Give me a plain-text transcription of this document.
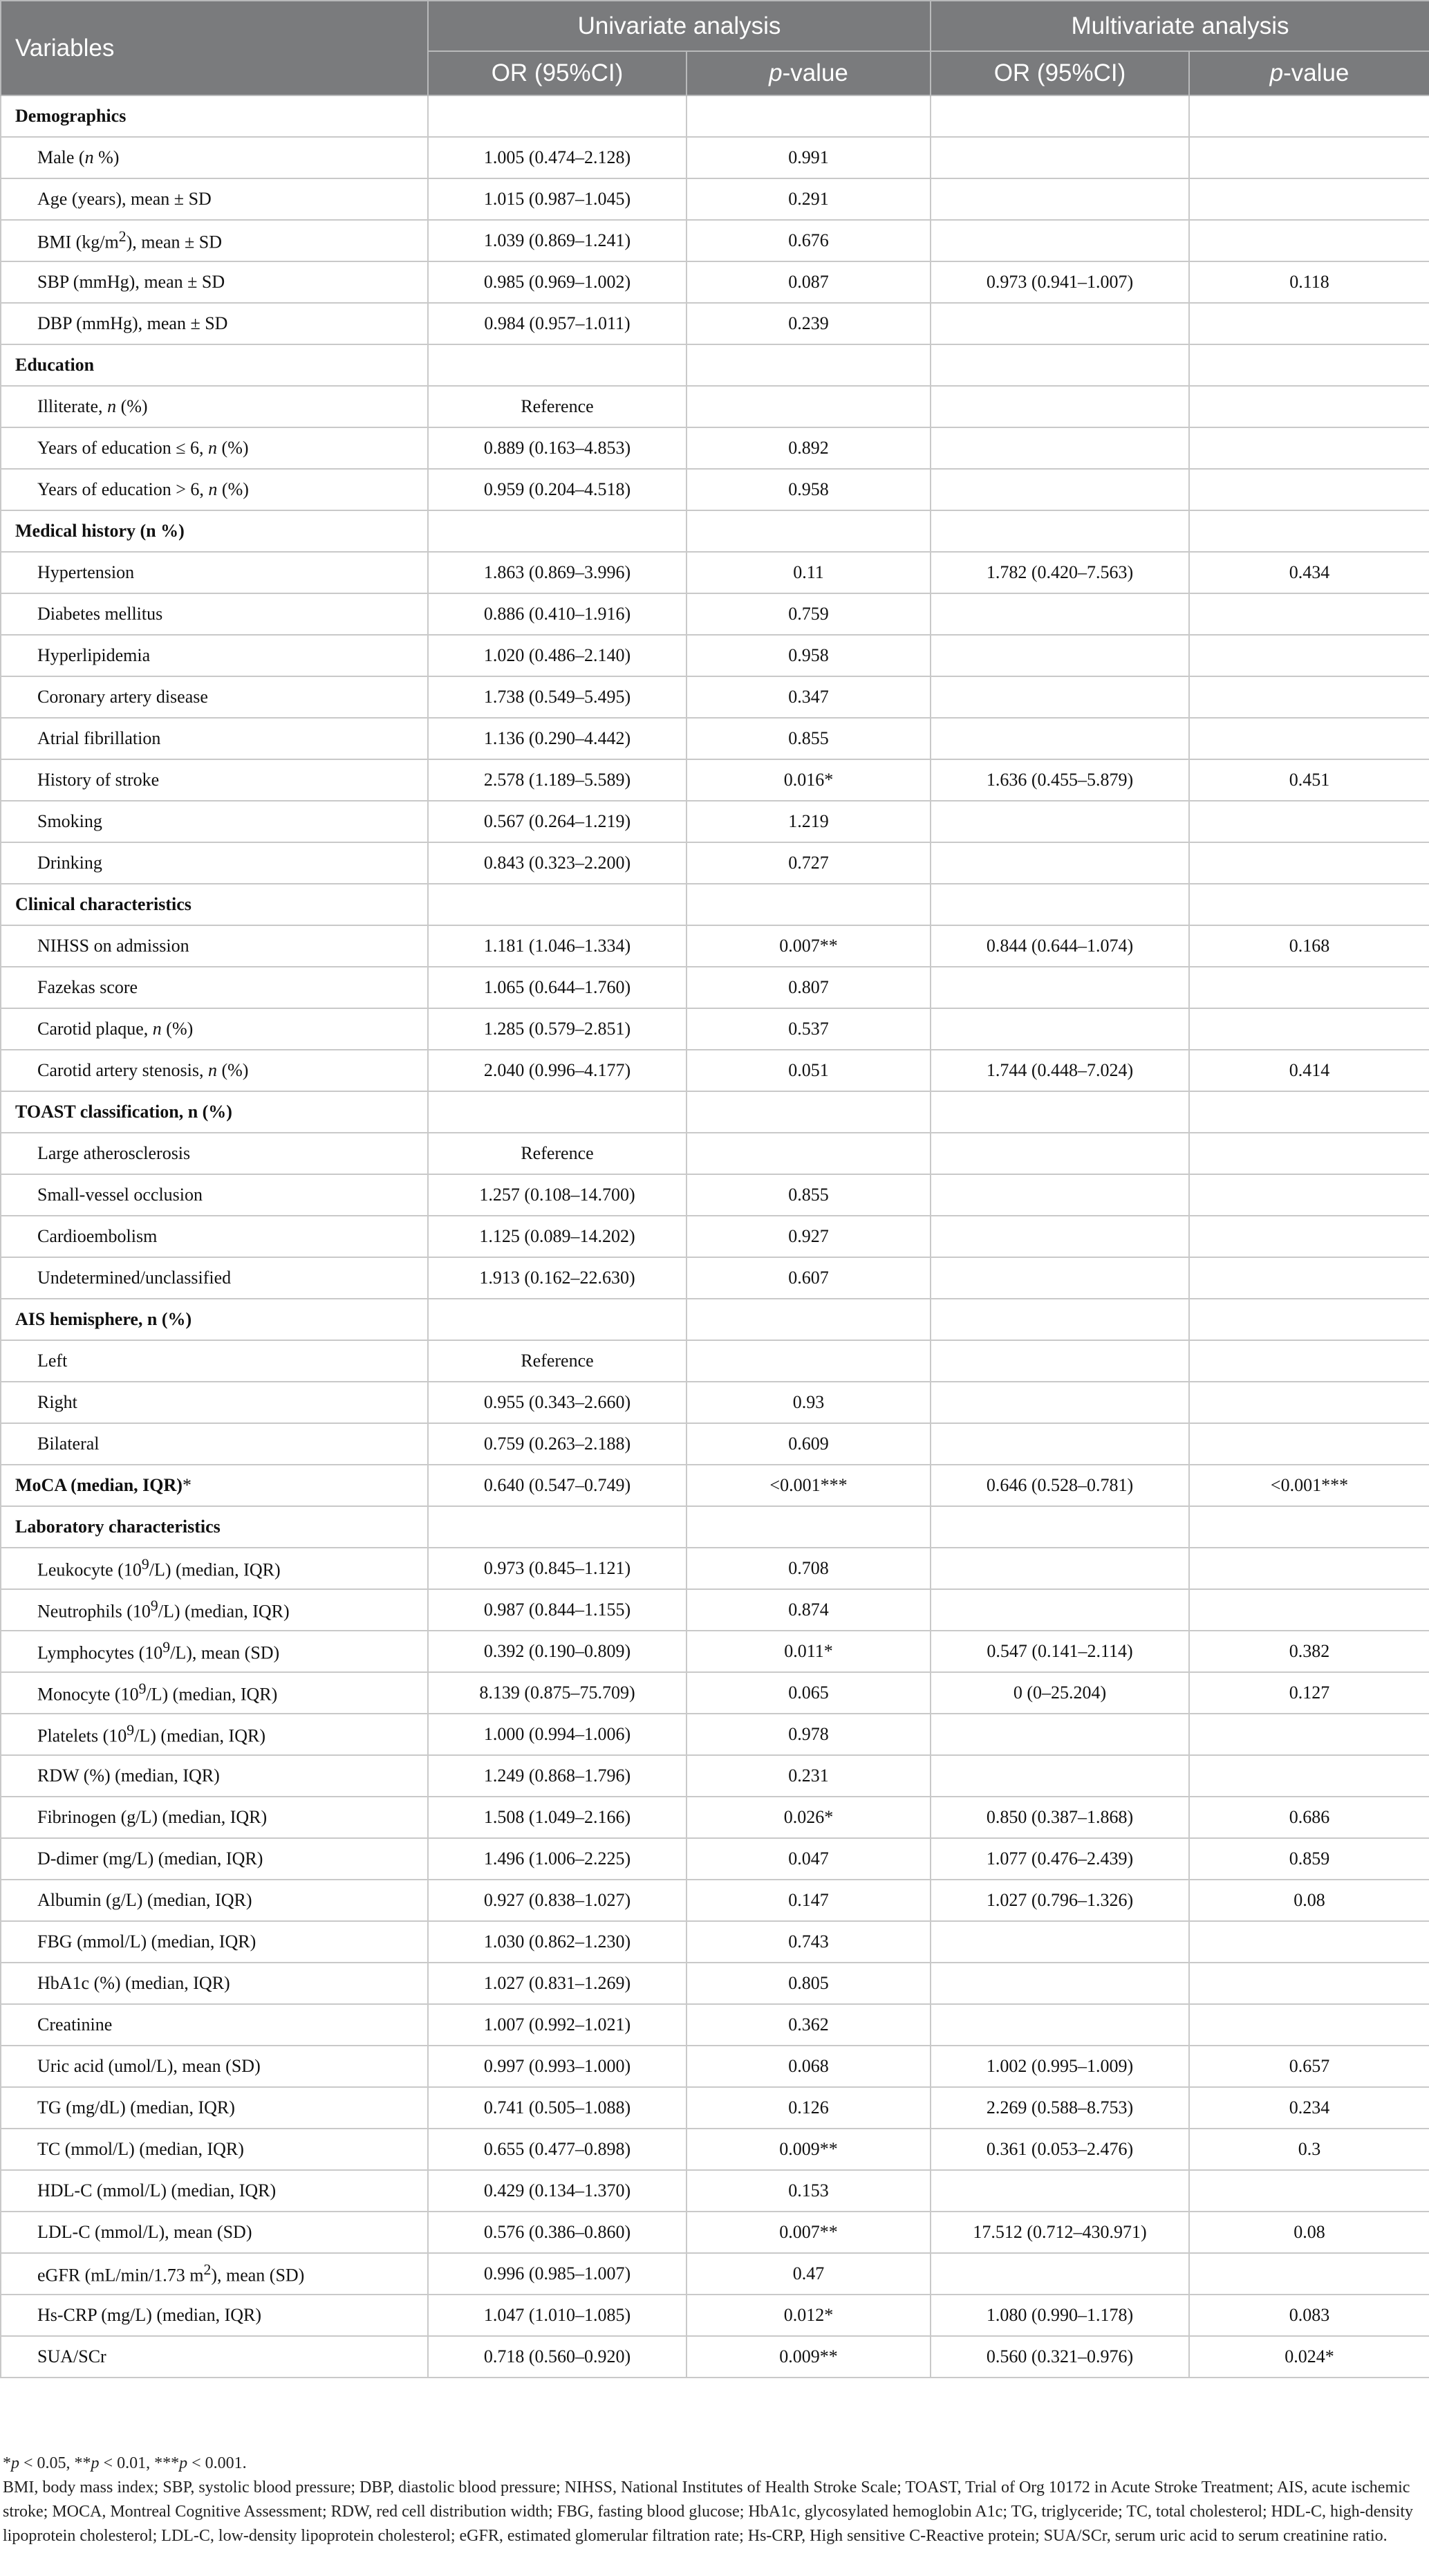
Variables	Univariate analysis		Multivariate analysis	
	OR (95%CI)	p-value	OR (95%CI)	p-value
Demographics				
Male (n %)	1.005 (0.474–2.128)	0.991		
Age (years), mean ± SD	1.015 (0.987–1.045)	0.291		
BMI $(kg/m^2)$, mean ± SD	1.039 (0.869–1.241)	0.676		
SBP (mmHg), mean ± SD	0.985 (0.969–1.002)	0.087	0.973 (0.941–1.007)	0.118
DBP (mmHg), mean ± SD	0.984 (0.957–1.011)	0.239		
Education				
Illiterate, n (%)	Reference			
Years of education ≤ 6, n (%)	0.889 (0.163–4.853)	0.892		
Years of education > 6, n (%)	0.959 (0.204–4.518)	0.958		
Medical history (n %)				
Hypertension	1.863 (0.869–3.996)	0.11	1.782 (0.420–7.563)	0.434
Diabetes mellitus	0.886 (0.410–1.916)	0.759		
Hyperlipidemia	1.020 (0.486–2.140)	0.958		
Coronary artery disease	1.738 (0.549–5.495)	0.347		
Atrial fibrillation	1.136 (0.290–4.442)	0.855		
History of stroke	2.578 (1.189–5.589)	0.016*	1.636 (0.455–5.879)	0.451
Smoking	0.567 (0.264–1.219)	1.219		
Drinking	0.843 (0.323–2.200)	0.727		
Clinical characteristics				
NIHSS on admission	1.181 (1.046–1.334)	0.007**	0.844 (0.644–1.074)	0.168
Fazekas score	1.065 (0.644–1.760)	0.807		
Carotid plaque, n (%)	1.285 (0.579–2.851)	0.537		
Carotid artery stenosis, n (%)	2.040 (0.996–4.177)	0.051	1.744 (0.448–7.024)	0.414
TOAST classification, n (%)				
Large atherosclerosis	Reference			
Small-vessel occlusion	1.257 (0.108–14.700)	0.855		
Cardioembolism	1.125 (0.089–14.202)	0.927		
Undetermined/unclassified	1.913 (0.162–22.630)	0.607		
AIS hemisphere, n (%)				
Left	Reference			
Right	0.955 (0.343–2.660)	0.93		
Bilateral	0.759 (0.263–2.188)	0.609		
MoCA (median, IQR)*	0.640 (0.547–0.749)	<0.001***	0.646 (0.528–0.781)	<0.001***
Laboratory characteristics				
Leukocyte $(10^9/L)$ (median, IQR)	0.973 (0.845–1.121)	0.708		
Neutrophils $(10^9/L)$ (median, IQR)	0.987 (0.844–1.155)	0.874		
Lymphocytes $(10^9/L)$, mean (SD)	0.392 (0.190–0.809)	0.011*	0.547 (0.141–2.114)	0.382
Monocyte $(10^9/L)$ (median, IQR)	8.139 (0.875–75.709)	0.065	0 (0–25.204)	0.127
Platelets $(10^9/L)$ (median, IQR)	1.000 (0.994–1.006)	0.978		
RDW (%) (median, IQR)	1.249 (0.868–1.796)	0.231		
Fibrinogen (g/L) (median, IQR)	1.508 (1.049–2.166)	0.026*	0.850 (0.387–1.868)	0.686
D-dimer (mg/L) (median, IQR)	1.496 (1.006–2.225)	0.047	1.077 (0.476–2.439)	0.859
Albumin (g/L) (median, IQR)	0.927 (0.838–1.027)	0.147	1.027 (0.796–1.326)	0.08
FBG (mmol/L) (median, IQR)	1.030 (0.862–1.230)	0.743		
HbA1c (%) (median, IQR)	1.027 (0.831–1.269)	0.805		
Creatinine	1.007 (0.992–1.021)	0.362		
Uric acid (umol/L), mean (SD)	0.997 (0.993–1.000)	0.068	1.002 (0.995–1.009)	0.657
TG (mg/dL) (median, IQR)	0.741 (0.505–1.088)	0.126	2.269 (0.588–8.753)	0.234
TC (mmol/L) (median, IQR)	0.655 (0.477–0.898)	0.009**	0.361 (0.053–2.476)	0.3
HDL-C (mmol/L) (median, IQR)	0.429 (0.134–1.370)	0.153		
LDL-C (mmol/L), mean (SD)	0.576 (0.386–0.860)	0.007**	17.512 (0.712–430.971)	0.08
eGFR (mL/min/1.73 $m^2$), mean (SD)	0.996 (0.985–1.007)	0.47		
Hs-CRP (mg/L) (median, IQR)	1.047 (1.010–1.085)	0.012*	1.080 (0.990–1.178)	0.083
SUA/SCr	0.718 (0.560–0.920)	0.009**	0.560 (0.321–0.976)	0.024*

*p < 0.05, **p < 0.01, ***p < 0.001.

BMI, body mass index; SBP, systolic blood pressure; DBP, diastolic blood pressure; NIHSS, National Institutes of Health Stroke Scale; TOAST, Trial of Org 10172 in Acute Stroke Treatment; AIS, acute ischemic stroke; MOCA, Montreal Cognitive Assessment; RDW, red cell distribution width; FBG, fasting blood glucose; HbA1c, glycosylated hemoglobin A1c; TG, triglyceride; TC, total cholesterol; HDL-C, high-density lipoprotein cholesterol; LDL-C, low-density lipoprotein cholesterol; eGFR, estimated glomerular filtration rate; Hs-CRP, High sensitive C-Reactive protein; SUA/SCr, serum uric acid to serum creatinine ratio.
